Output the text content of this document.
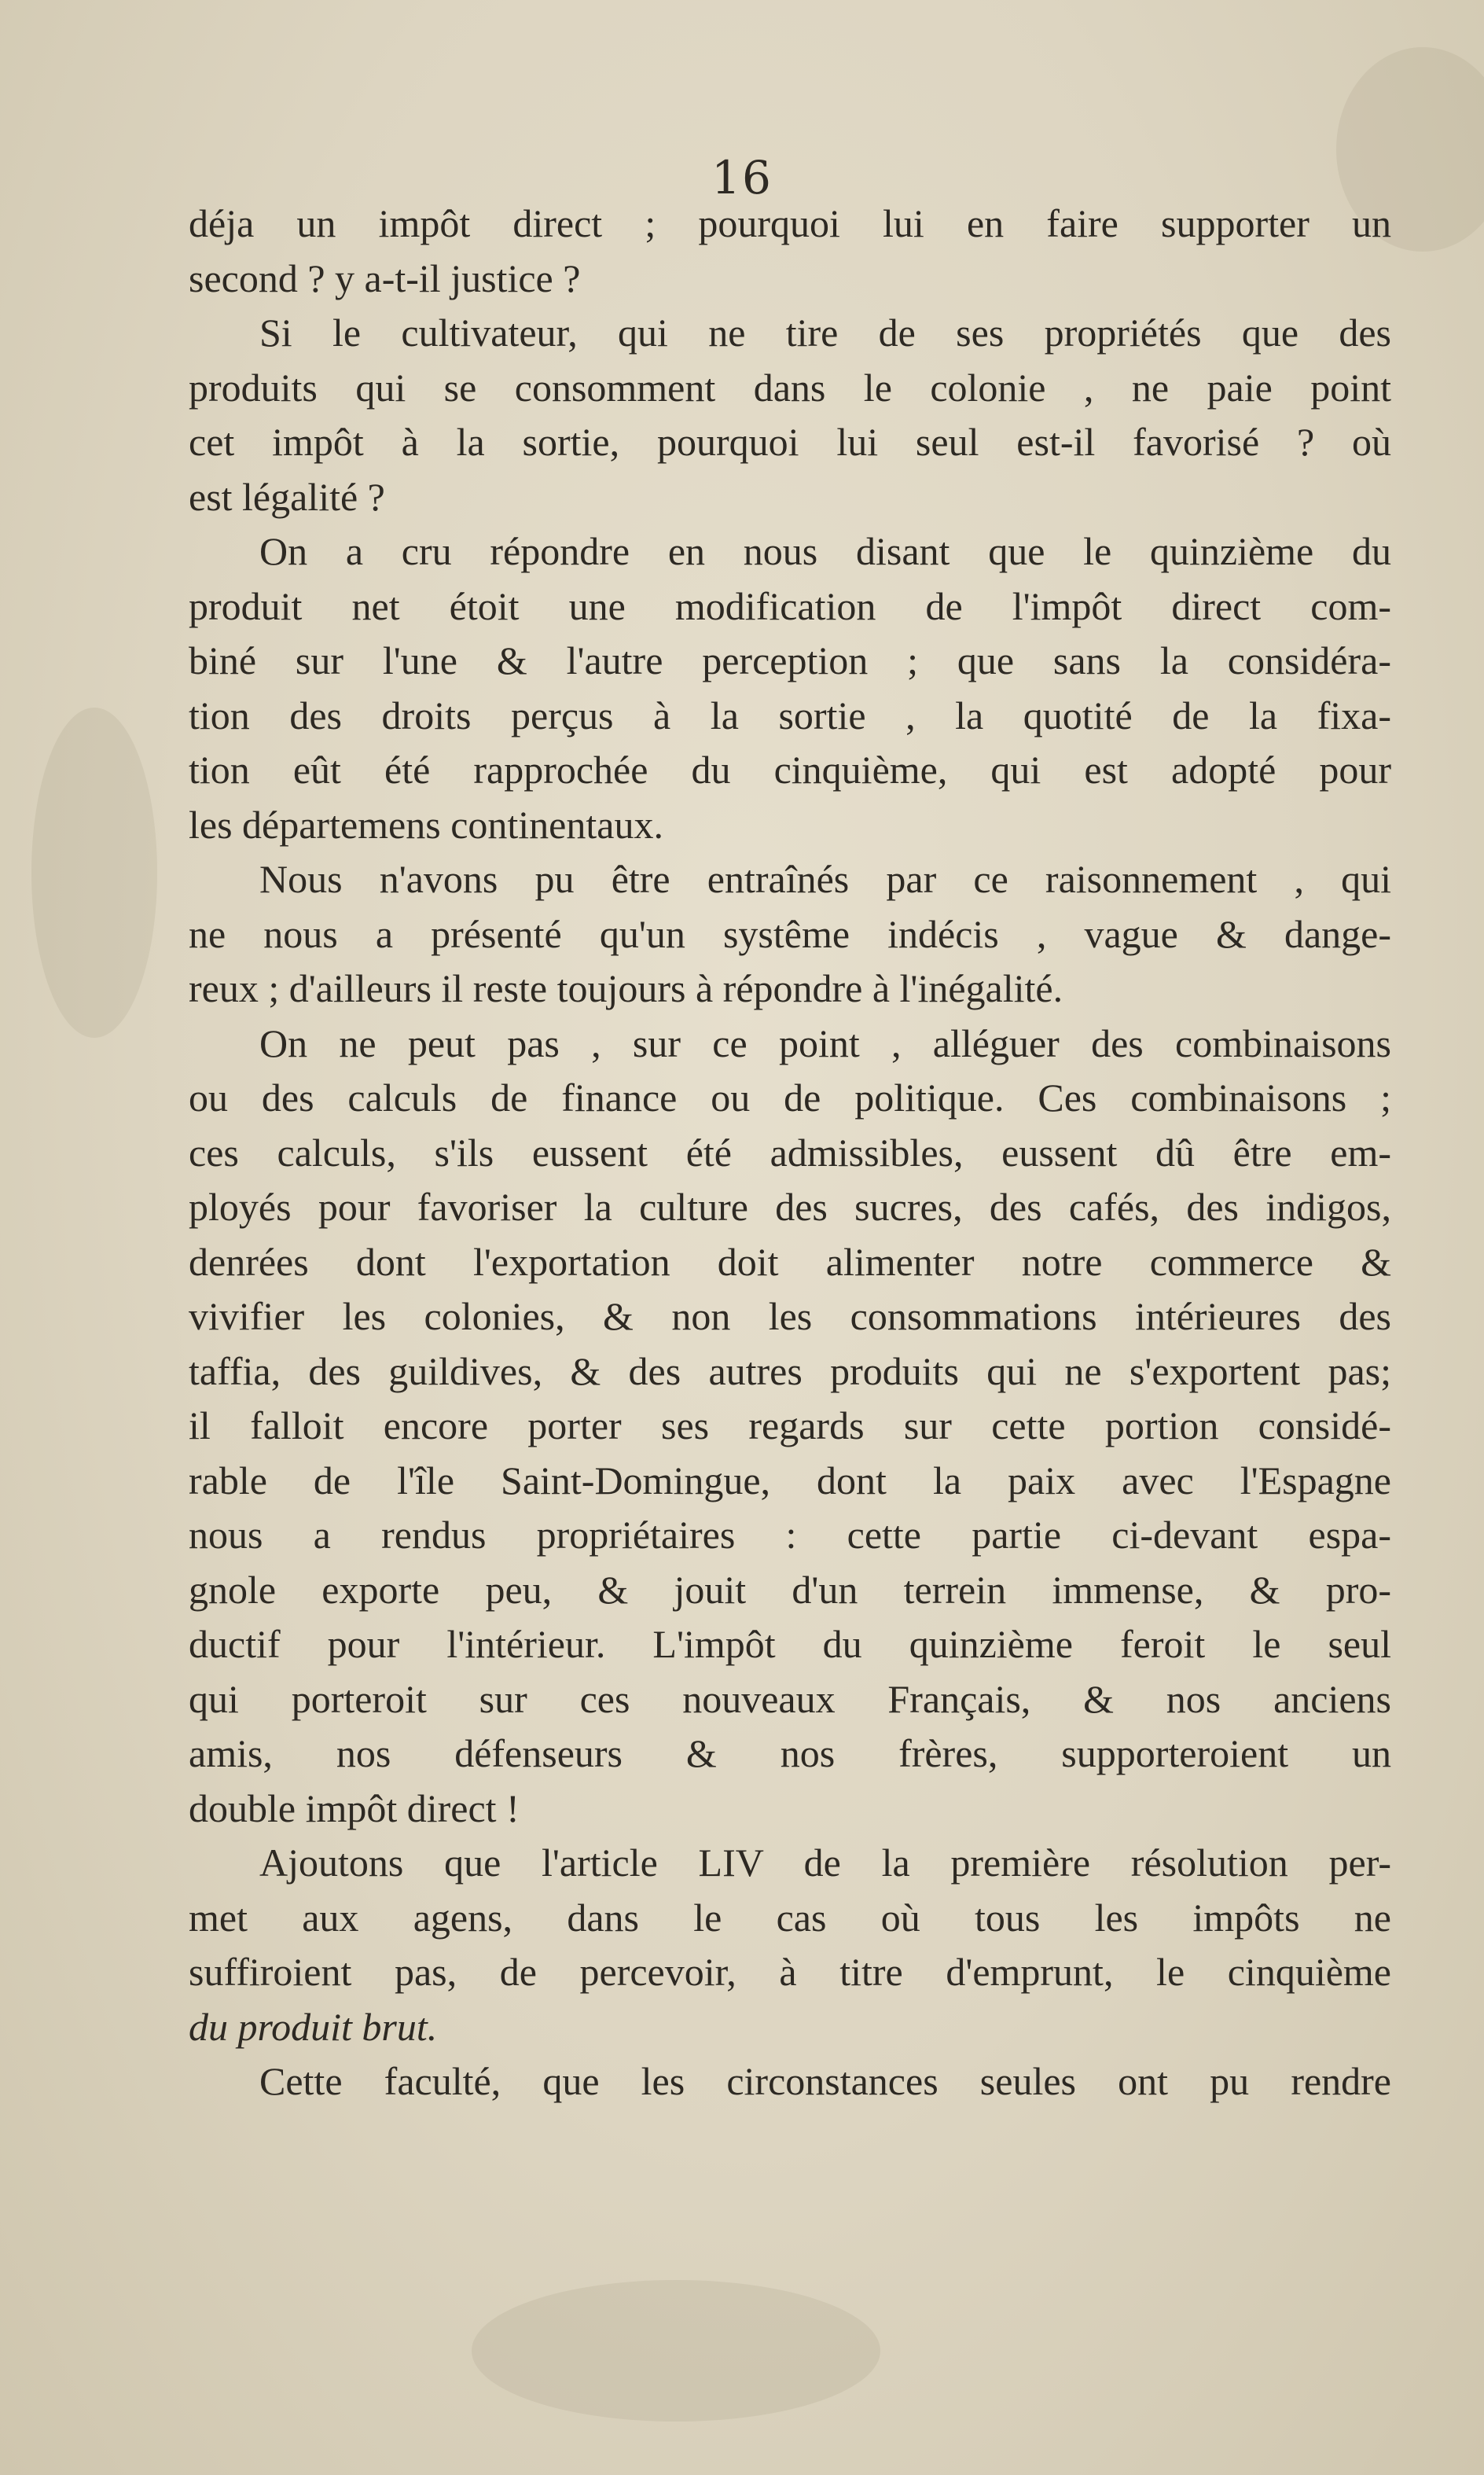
16
déja un impôt direct ; pourquoi lui en faire supporter un
second ? y a-t-il justice ?
Si le cultivateur, qui ne tire de ses propriétés que des
produits qui se consomment dans le colonie , ne paie point
cet impôt à la sortie, pourquoi lui seul est-il favorisé ? où
est légalité ?
On a cru répondre en nous disant que le quinzième du
produit net étoit une modification de l'impôt direct com-
biné sur l'une & l'autre perception ; que sans la considéra-
tion des droits perçus à la sortie , la quotité de la fixa-
tion eût été rapprochée du cinquième, qui est adopté pour
les départemens continentaux.
Nous n'avons pu être entraînés par ce raisonnement , qui
ne nous a présenté qu'un systême indécis , vague & dange-
reux ; d'ailleurs il reste toujours à répondre à l'inégalité.
On ne peut pas , sur ce point , alléguer des combinaisons
ou des calculs de finance ou de politique. Ces combinaisons ;
ces calculs, s'ils eussent été admissibles, eussent dû être em-
ployés pour favoriser la culture des sucres, des cafés, des indigos,
denrées dont l'exportation doit alimenter notre commerce &
vivifier les colonies, & non les consommations intérieures des
taffia, des guildives, & des autres produits qui ne s'exportent pas;
il falloit encore porter ses regards sur cette portion considé-
rable de l'île Saint-Domingue, dont la paix avec l'Espagne
nous a rendus propriétaires : cette partie ci-devant espa-
gnole exporte peu, & jouit d'un terrein immense, & pro-
ductif pour l'intérieur. L'impôt du quinzième feroit le seul
qui porteroit sur ces nouveaux Français, & nos anciens
amis, nos défenseurs & nos frères, supporteroient un
double impôt direct !
Ajoutons que l'article LIV de la première résolution per-
met aux agens, dans le cas où tous les impôts ne
suffiroient pas, de percevoir, à titre d'emprunt, le cinquième
du produit brut.
Cette faculté, que les circonstances seules ont pu rendre
